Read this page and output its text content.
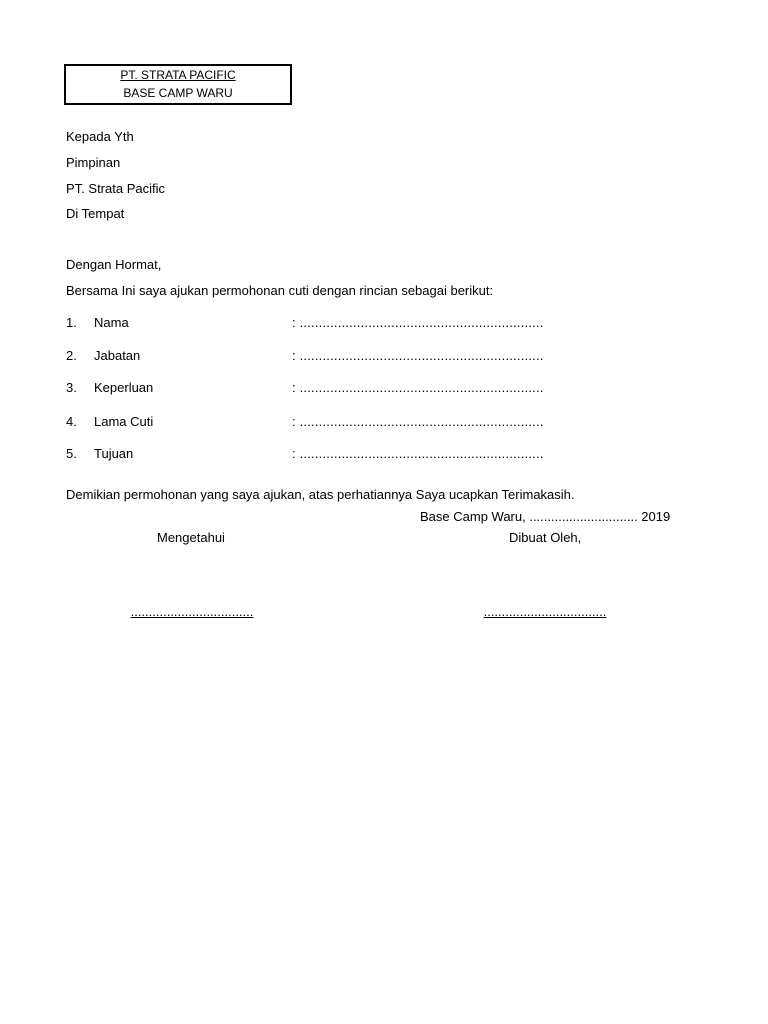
PT. STRATA PACIFIC
BASE CAMP WARU
Kepada Yth
Pimpinan
PT. Strata Pacific
Di Tempat
Dengan Hormat,
Bersama Ini saya ajukan permohonan cuti dengan rincian sebagai berikut:
1. Nama	: ................................................................
2. Jabatan	: ................................................................
3. Keperluan	: ................................................................
4. Lama Cuti	: ................................................................
5. Tujuan	: ................................................................
Demikian permohonan yang saya ajukan, atas perhatiannya Saya ucapkan Terimakasih.
Base Camp Waru, .............................. 2019
Mengetahui	Dibuat Oleh,
..................................	..................................
